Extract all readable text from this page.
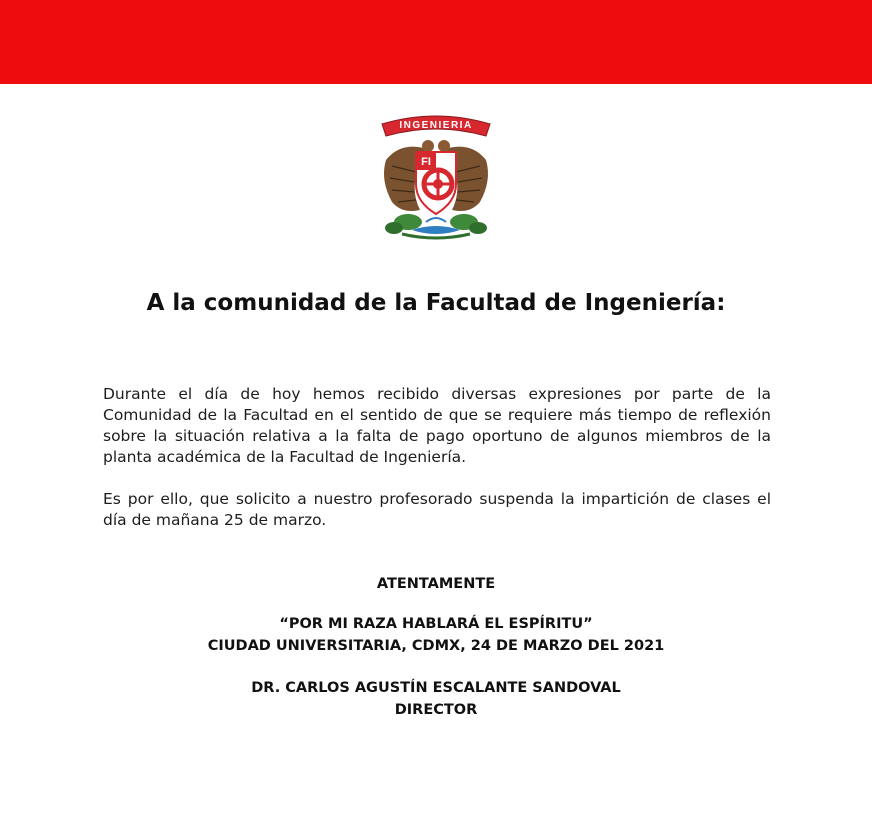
INGENIERIA
FI
A la comunidad de la Facultad de Ingeniería:

Durante el día de hoy hemos recibido diversas expresiones por parte de la Comunidad de la Facultad en el sentido de que se requiere más tiempo de reflexión sobre la situación relativa a la falta de pago oportuno de algunos miembros de la planta académica de la Facultad de Ingeniería.

Es por ello, que solicito a nuestro profesorado suspenda la impartición de clases el día de mañana 25 de marzo.

ATENTAMENTE

“POR MI RAZA HABLARÁ EL ESPÍRITU”

CIUDAD UNIVERSITARIA, CDMX, 24 DE MARZO DEL 2021

DR. CARLOS AGUSTÍN ESCALANTE SANDOVAL

DIRECTOR
